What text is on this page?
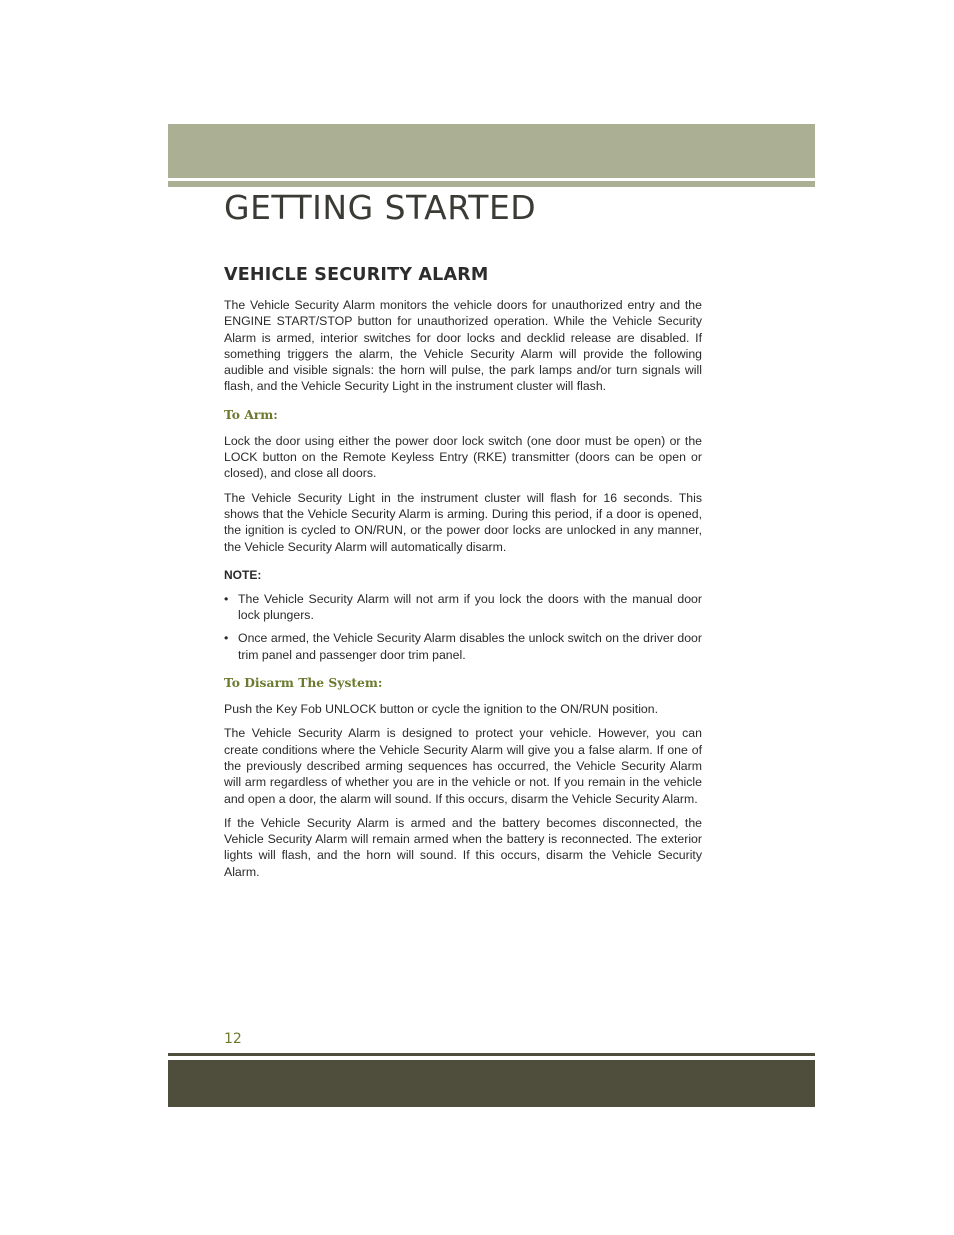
GETTING STARTED
VEHICLE SECURITY ALARM

The Vehicle Security Alarm monitors the vehicle doors for unauthorized entry and the ENGINE START/STOP button for unauthorized operation. While the Vehicle Security Alarm is armed, interior switches for door locks and decklid release are disabled. If something triggers the alarm, the Vehicle Security Alarm will provide the following audible and visible signals: the horn will pulse, the park lamps and/or turn signals will flash, and the Vehicle Security Light in the instrument cluster will flash.

To Arm:

Lock the door using either the power door lock switch (one door must be open) or the LOCK button on the Remote Keyless Entry (RKE) transmitter (doors can be open or closed), and close all doors.

The Vehicle Security Light in the instrument cluster will flash for 16 seconds. This shows that the Vehicle Security Alarm is arming. During this period, if a door is opened, the ignition is cycled to ON/RUN, or the power door locks are unlocked in any manner, the Vehicle Security Alarm will automatically disarm.

NOTE:
• The Vehicle Security Alarm will not arm if you lock the doors with the manual door lock plungers.
• Once armed, the Vehicle Security Alarm disables the unlock switch on the driver door trim panel and passenger door trim panel.
To Disarm The System:

Push the Key Fob UNLOCK button or cycle the ignition to the ON/RUN position.

The Vehicle Security Alarm is designed to protect your vehicle. However, you can create conditions where the Vehicle Security Alarm will give you a false alarm. If one of the previously described arming sequences has occurred, the Vehicle Security Alarm will arm regardless of whether you are in the vehicle or not. If you remain in the vehicle and open a door, the alarm will sound. If this occurs, disarm the Vehicle Security Alarm.

If the Vehicle Security Alarm is armed and the battery becomes disconnected, the Vehicle Security Alarm will remain armed when the battery is reconnected. The exterior lights will flash, and the horn will sound. If this occurs, disarm the Vehicle Security Alarm.

12
